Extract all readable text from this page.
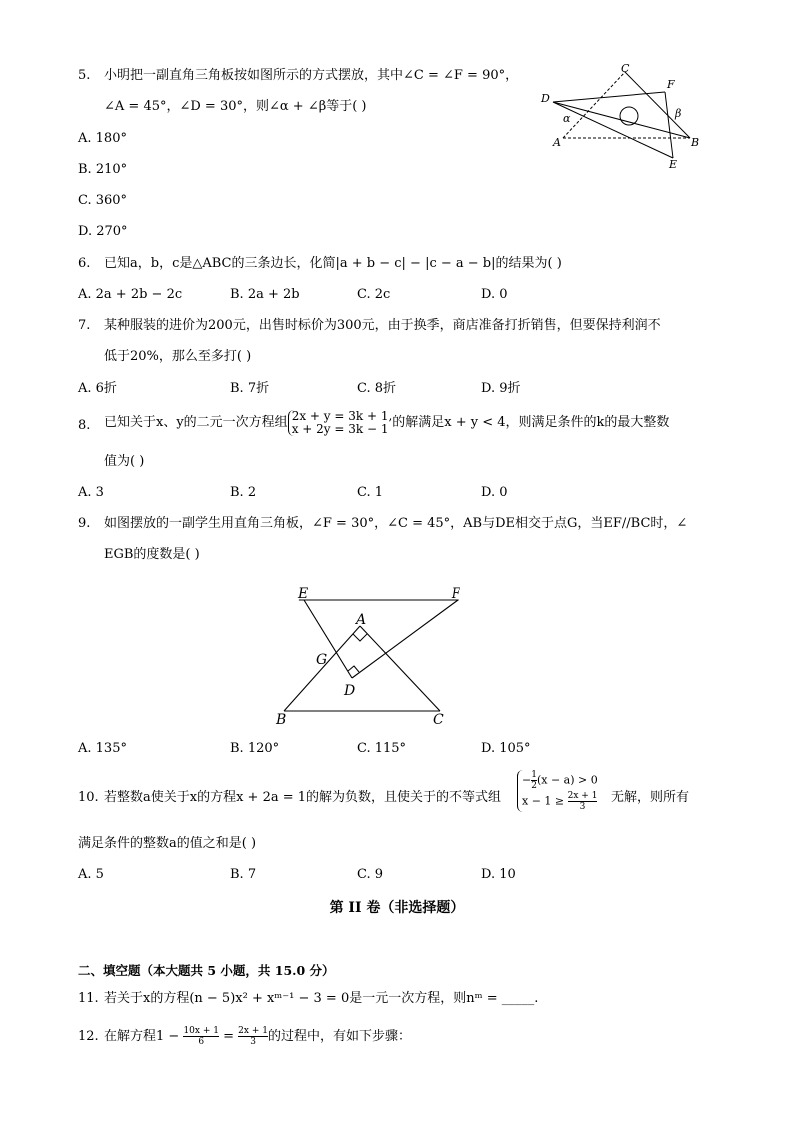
5. 小明把一副直角三角板按如图所示的方式摆放，其中∠C = ∠F = 90°，
∠A = 45°，∠D = 30°，则∠α + ∠β等于( )
A. 180°
B. 210°
C. 360°
D. 270°
C
F
D
α	β
A	B
E
6. 已知a，b，c是△ABC的三条边长，化简|a + b − c| − |c − a − b|的结果为( )
A. 2a + 2b − 2c	B. 2a + 2b	C. 2c	D. 0
7. 某种服装的进价为200元，出售时标价为300元，由于换季，商店准备打折销售，但要保持利润不
低于20%，那么至多打( )
A. 6折	B. 7折	C. 8折	D. 9折
8. 已知关于x、y的二元一次方程组 2x + y = 3k + 1,
x + 2y = 3k − 1 的解满足x + y < 4，则满足条件的k的最大整数
值为( )
A. 3	B. 2	C. 1	D. 0
9. 如图摆放的一副学生用直角三角板，∠F = 30°，∠C = 45°，AB与DE相交于点G，当EF//BC时，∠
EGB的度数是( )
E	F
A
G
D
B	C
A. 135°	B. 120°	C. 115°	D. 105°
10. 若整数a使关于x的方程x + 2a = 1的解为负数，且使关于的不等式组
− $\frac{1}{2} (x - a) > 0$
$x - 1 \ge \frac{2x + 1}{3}$ 无解，则所有
满足条件的整数a的值之和是( )
A. 5	B. 7	C. 9	D. 10
第 II 卷（非选择题）
二、填空题（本大题共 5 小题，共 15.0 分）
11. 若关于x的方程(n − 5)x² + xᵐ⁻¹ − 3 = 0是一元一次方程，则nᵐ = _____.
12. 在解方程$1 - \frac{10x + 1}{6} = \frac{2x + 1}{3}$ 的过程中，有如下步骤：
